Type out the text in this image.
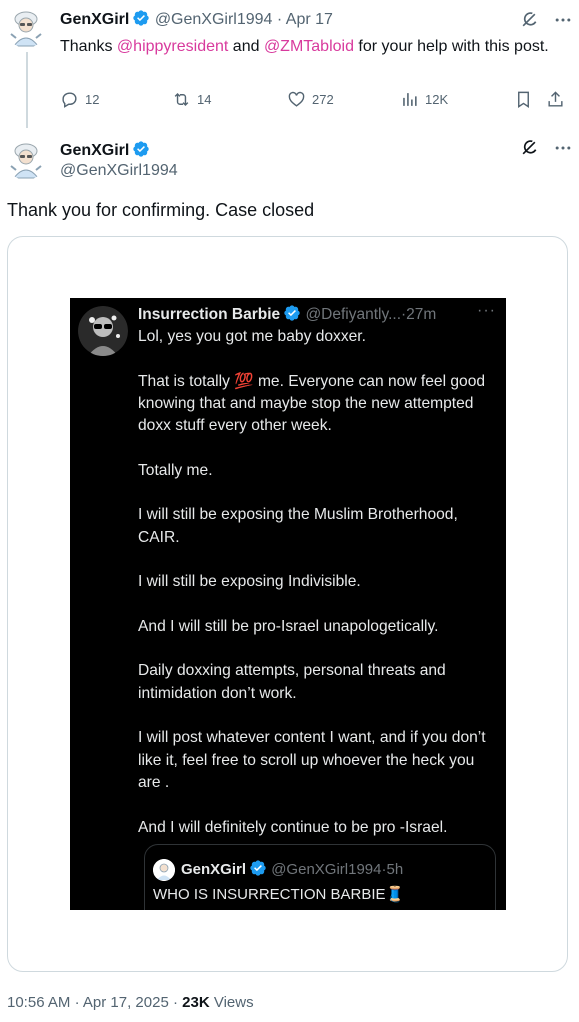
GenXGirl @GenXGirl1994 · Apr 17
Thanks @hippyresident and @ZMTabloid for your help with this post.
12	14	272	12K
GenXGirl
@GenXGirl1994
Thank you for confirming. Case closed
Insurrection Barbie @Defiyantly...·27m	···

Lol, yes you got me baby doxxer.

That is totally 💯 me. Everyone can now feel good knowing that and maybe stop the new attempted doxx stuff every other week.

Totally me.

I will still be exposing the Muslim Brotherhood, CAIR.

I will still be exposing Indivisible.

And I will still be pro-Israel unapologetically.

Daily doxxing attempts, personal threats and intimidation don’t work.

I will post whatever content I want, and if you don’t like it, feel free to scroll up whoever the heck you are .

And I will definitely continue to be pro -Israel.

GenXGirl @GenXGirl1994·5h
WHO IS INSURRECTION BARBIE🧵
10:56 AM · Apr 17, 2025 · 23K Views
